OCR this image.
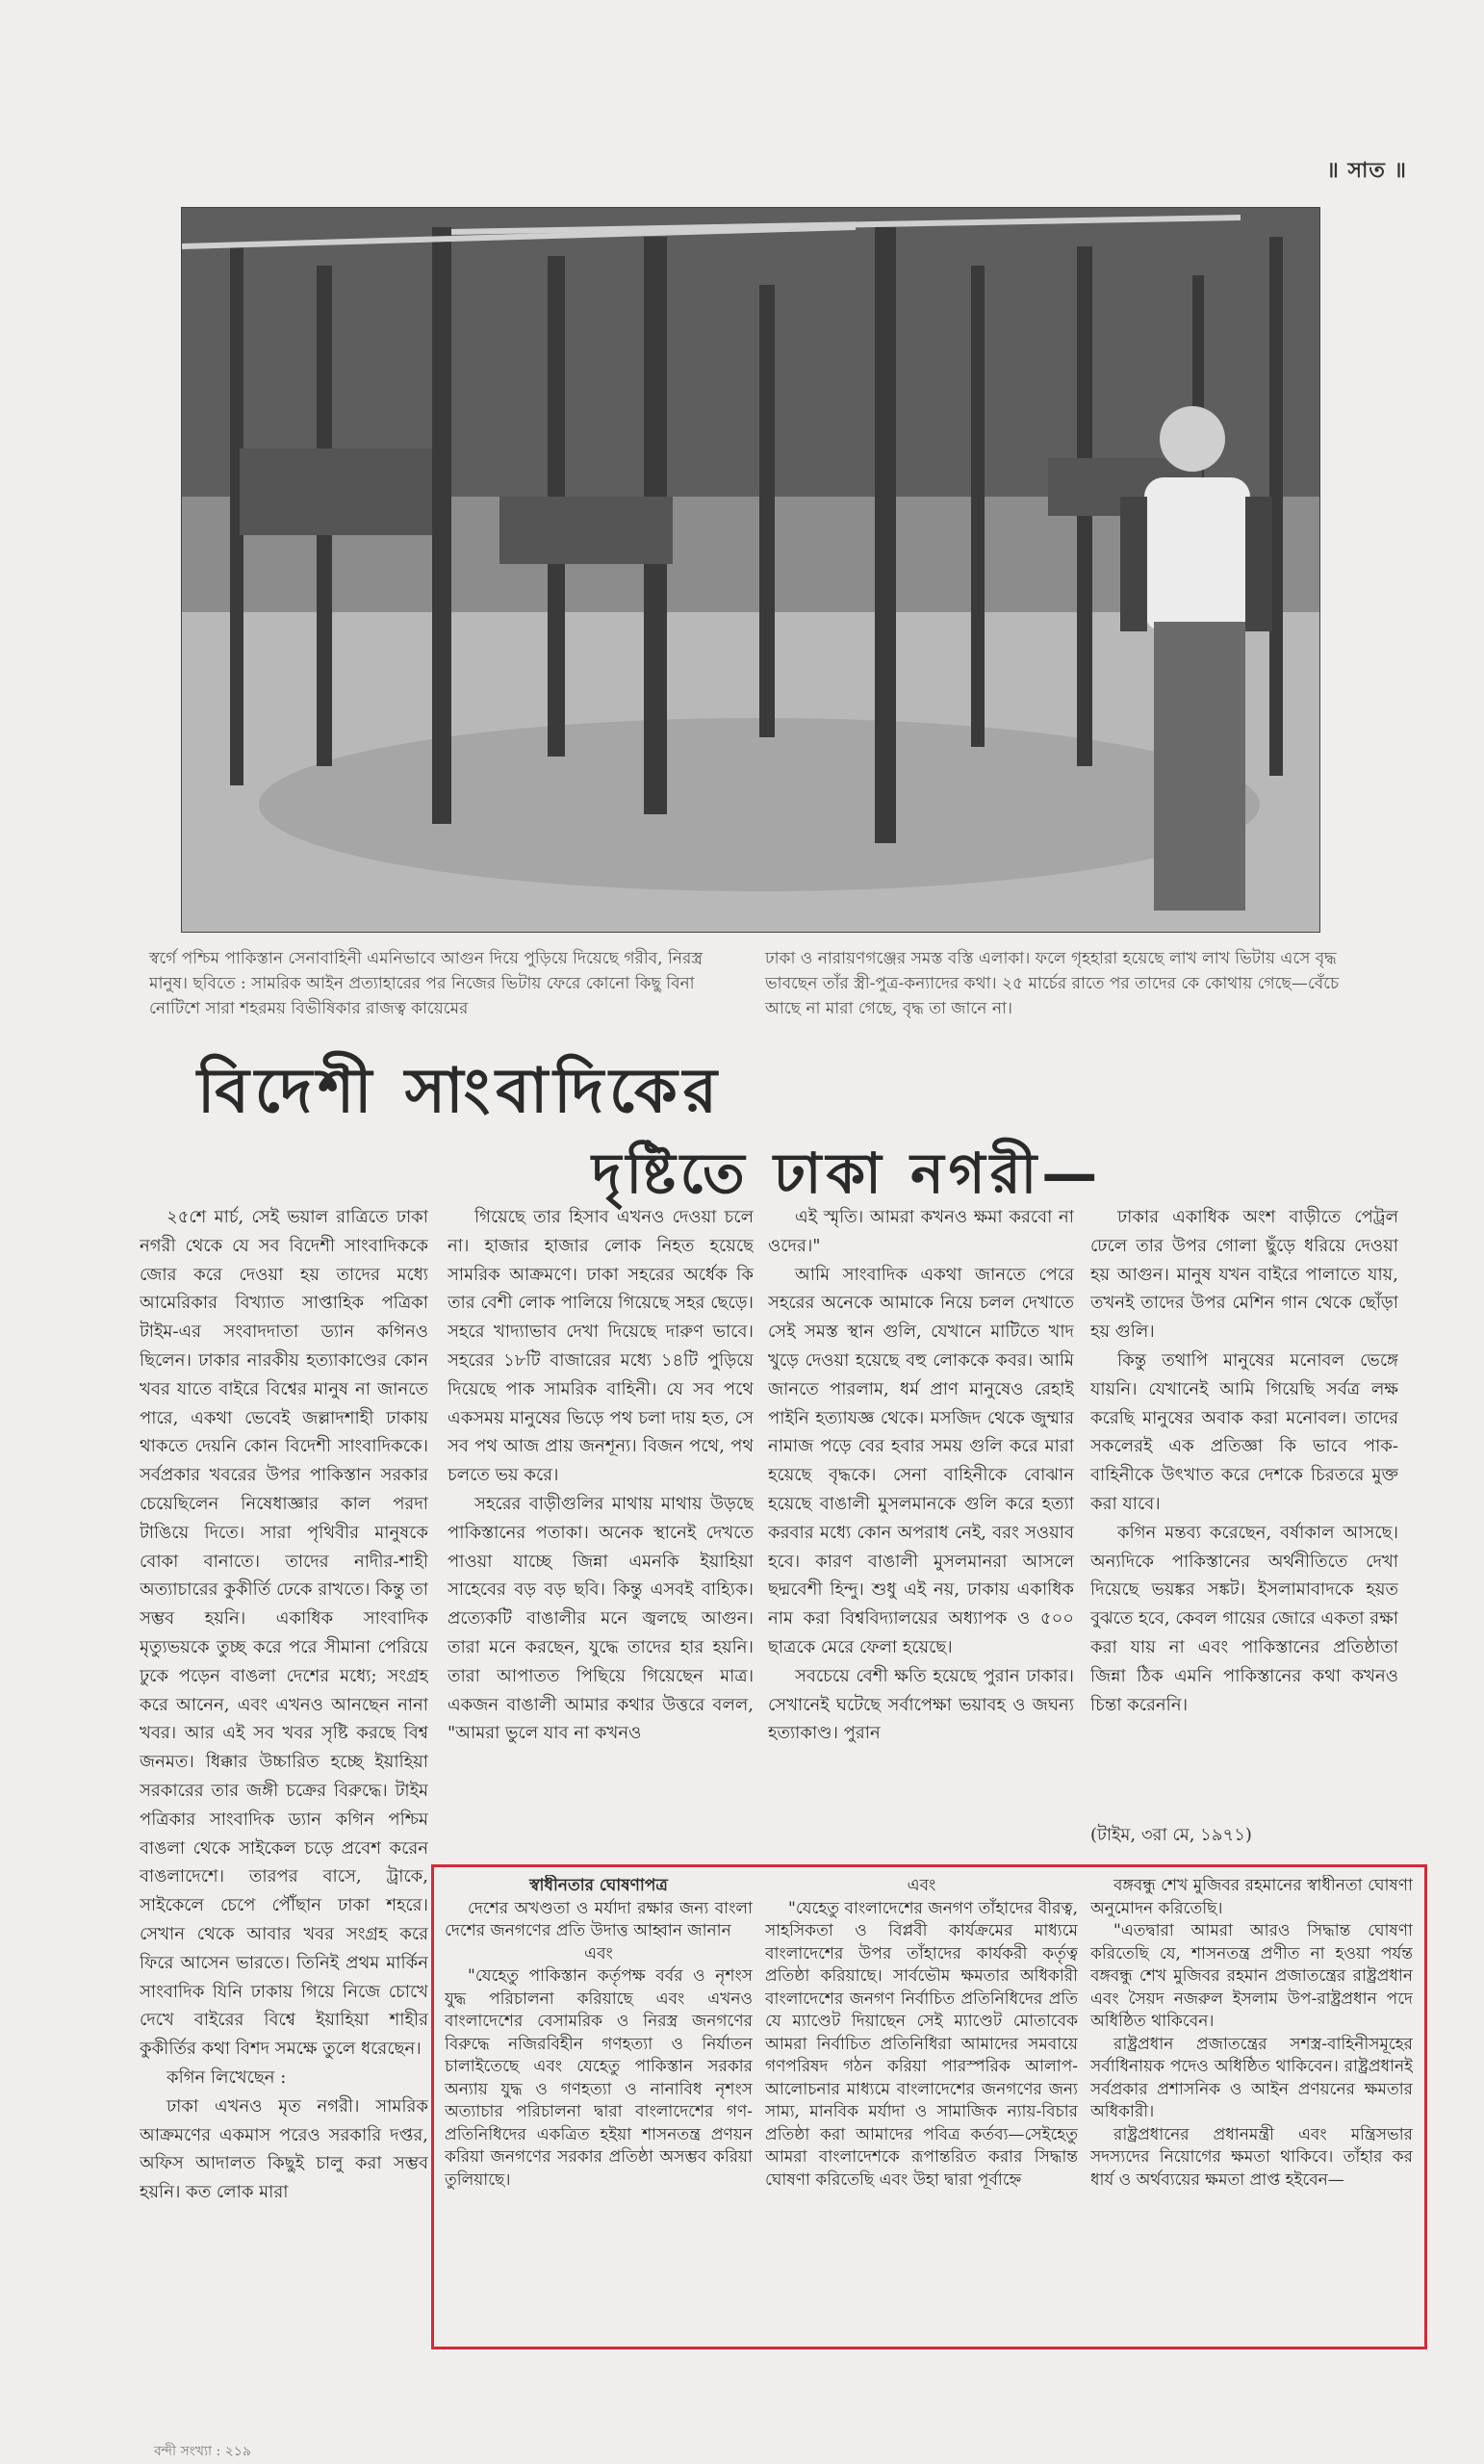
॥ সাত ॥
স্বর্গে পশ্চিম পাকিস্তান সেনাবাহিনী এমনিভাবে আগুন দিয়ে পুড়িয়ে দিয়েছে গরীব, নিরস্ত্র মানুষ। ছবিতে : সামরিক আইন প্রত্যাহারের পর নিজের ভিটায় ফেরে কোনো কিছু বিনা নোটিশে সারা শহরময় বিভীষিকার রাজত্ব কায়েমের
ঢাকা ও নারায়ণগঞ্জের সমস্ত বস্তি এলাকা। ফলে গৃহহারা হয়েছে লাখ লাখ ভিটায় এসে বৃদ্ধ ভাবছেন তাঁর স্ত্রী-পুত্র-কন্যাদের কথা। ২৫ মার্চের রাতে পর তাদের কে কোথায় গেছে—বেঁচে আছে না মারা গেছে, বৃদ্ধ তা জানে না।
বিদেশী সাংবাদিকের
দৃষ্টিতে ঢাকা নগরী—

২৫শে মার্চ, সেই ভয়াল রাত্রিতে ঢাকা নগরী থেকে যে সব বিদেশী সাংবাদিককে জোর করে দেওয়া হয় তাদের মধ্যে আমেরিকার বিখ্যাত সাপ্তাহিক পত্রিকা টাইম-এর সংবাদদাতা ড্যান কগিনও ছিলেন। ঢাকার নারকীয় হত্যাকাণ্ডের কোন খবর যাতে বাইরে বিশ্বের মানুষ না জানতে পারে, একথা ভেবেই জল্লাদশাহী ঢাকায় থাকতে দেয়নি কোন বিদেশী সাংবাদিককে। সর্বপ্রকার খবরের উপর পাকিস্তান সরকার চেয়েছিলেন নিষেধাজ্ঞার কাল পরদা টাঙিয়ে দিতে। সারা পৃথিবীর মানুষকে বোকা বানাতে। তাদের নাদীর-শাহী অত্যাচারের কুকীর্তি ঢেকে রাখতে। কিন্তু তা সম্ভব হয়নি। একাধিক সাংবাদিক মৃত্যুভয়কে তুচ্ছ করে পরে সীমানা পেরিয়ে ঢুকে পড়েন বাঙলা দেশের মধ্যে; সংগ্রহ করে আনেন, এবং এখনও আনছেন নানা খবর। আর এই সব খবর সৃষ্টি করছে বিশ্ব জনমত। ধিক্কার উচ্চারিত হচ্ছে ইয়াহিয়া সরকারের তার জঙ্গী চক্রের বিরুদ্ধে। টাইম পত্রিকার সাংবাদিক ড্যান কগিন পশ্চিম বাঙলা থেকে সাইকেল চড়ে প্রবেশ করেন বাঙলাদেশে। তারপর বাসে, ট্রাকে, সাইকেলে চেপে পৌঁছান ঢাকা শহরে। সেখান থেকে আবার খবর সংগ্রহ করে ফিরে আসেন ভারতে। তিনিই প্রথম মার্কিন সাংবাদিক যিনি ঢাকায় গিয়ে নিজে চোখে দেখে বাইরের বিশ্বে ইয়াহিয়া শাহীর কুকীর্তির কথা বিশদ সমক্ষে তুলে ধরেছেন।

কগিন লিখেছেন :

ঢাকা এখনও মৃত নগরী। সামরিক আক্রমণের একমাস পরেও সরকারি দপ্তর, অফিস আদালত কিছুই চালু করা সম্ভব হয়নি। কত লোক মারা

গিয়েছে তার হিসাব এখনও দেওয়া চলে না। হাজার হাজার লোক নিহত হয়েছে সামরিক আক্রমণে। ঢাকা সহরের অর্ধেক কি তার বেশী লোক পালিয়ে গিয়েছে সহর ছেড়ে। সহরে খাদ্যাভাব দেখা দিয়েছে দারুণ ভাবে। সহরের ১৮টি বাজারের মধ্যে ১৪টি পুড়িয়ে দিয়েছে পাক সামরিক বাহিনী। যে সব পথে একসময় মানুষের ভিড়ে পথ চলা দায় হত, সে সব পথ আজ প্রায় জনশূন্য। বিজন পথে, পথ চলতে ভয় করে।

সহরের বাড়ীগুলির মাথায় মাথায় উড়ছে পাকিস্তানের পতাকা। অনেক স্থানেই দেখতে পাওয়া যাচ্ছে জিন্না এমনকি ইয়াহিয়া সাহেবের বড় বড় ছবি। কিন্তু এসবই বাহ্যিক। প্রত্যেকটি বাঙালীর মনে জ্বলছে আগুন। তারা মনে করছেন, যুদ্ধে তাদের হার হয়নি। তারা আপাতত পিছিয়ে গিয়েছেন মাত্র। একজন বাঙালী আমার কথার উত্তরে বলল, "আমরা ভুলে যাব না কখনও

এই স্মৃতি। আমরা কখনও ক্ষমা করবো না ওদের।"

আমি সাংবাদিক একথা জানতে পেরে সহরের অনেকে আমাকে নিয়ে চলল দেখাতে সেই সমস্ত স্থান গুলি, যেখানে মাটিতে খাদ খুড়ে দেওয়া হয়েছে বহু লোককে কবর। আমি জানতে পারলাম, ধর্ম প্রাণ মানুষেও রেহাই পাইনি হত্যাযজ্ঞ থেকে। মসজিদ থেকে জুম্মার নামাজ পড়ে বের হবার সময় গুলি করে মারা হয়েছে বৃদ্ধকে। সেনা বাহিনীকে বোঝান হয়েছে বাঙালী মুসলমানকে গুলি করে হত্যা করবার মধ্যে কোন অপরাধ নেই, বরং সওয়াব হবে। কারণ বাঙালী মুসলমানরা আসলে ছদ্মবেশী হিন্দু। শুধু এই নয়, ঢাকায় একাধিক নাম করা বিশ্ববিদ্যালয়ের অধ্যাপক ও ৫০০ ছাত্রকে মেরে ফেলা হয়েছে।

সবচেয়ে বেশী ক্ষতি হয়েছে পুরান ঢাকার। সেখানেই ঘটেছে সর্বাপেক্ষা ভয়াবহ ও জঘন্য হত্যাকাণ্ড। পুরান

ঢাকার একাধিক অংশ বাড়ীতে পেট্রল ঢেলে তার উপর গোলা ছুঁড়ে ধরিয়ে দেওয়া হয় আগুন। মানুষ যখন বাইরে পালাতে যায়, তখনই তাদের উপর মেশিন গান থেকে ছোঁড়া হয় গুলি।

কিন্তু তথাপি মানুষের মনোবল ভেঙ্গে যায়নি। যেখানেই আমি গিয়েছি সর্বত্র লক্ষ করেছি মানুষের অবাক করা মনোবল। তাদের সকলেরই এক প্রতিজ্ঞা কি ভাবে পাক-বাহিনীকে উৎখাত করে দেশকে চিরতরে মুক্ত করা যাবে।

কগিন মন্তব্য করেছেন, বর্ষাকাল আসছে। অন্যদিকে পাকিস্তানের অর্থনীতিতে দেখা দিয়েছে ভয়ঙ্কর সঙ্কট। ইসলামাবাদকে হয়ত বুঝতে হবে, কেবল গায়ের জোরে একতা রক্ষা করা যায় না এবং পাকিস্তানের প্রতিষ্ঠাতা জিন্না ঠিক এমনি পাকিস্তানের কথা কখনও চিন্তা করেননি।

(টাইম, ৩রা মে, ১৯৭১)

স্বাধীনতার ঘোষণাপত্র

দেশের অখণ্ডতা ও মর্যাদা রক্ষার জন্য বাংলা দেশের জনগণের প্রতি উদাত্ত আহ্বান জানান

এবং

"যেহেতু পাকিস্তান কর্তৃপক্ষ বর্বর ও নৃশংস যুদ্ধ পরিচালনা করিয়াছে এবং এখনও বাংলাদেশের বেসামরিক ও নিরস্ত্র জনগণের বিরুদ্ধে নজিরবিহীন গণহত্যা ও নির্যাতন চালাইতেছে এবং যেহেতু পাকিস্তান সরকার অন্যায় যুদ্ধ ও গণহত্যা ও নানাবিধ নৃশংস অত্যাচার পরিচালনা দ্বারা বাংলাদেশের গণ-প্রতিনিধিদের একত্রিত হইয়া শাসনতন্ত্র প্রণয়ন করিয়া জনগণের সরকার প্রতিষ্ঠা অসম্ভব করিয়া তুলিয়াছে।

এবং

"যেহেতু বাংলাদেশের জনগণ তাঁহাদের বীরত্ব, সাহসিকতা ও বিপ্লবী কার্যক্রমের মাধ্যমে বাংলাদেশের উপর তাঁহাদের কার্যকরী কর্তৃত্ব প্রতিষ্ঠা করিয়াছে। সার্বভৌম ক্ষমতার অধিকারী বাংলাদেশের জনগণ নির্বাচিত প্রতিনিধিদের প্রতি যে ম্যাণ্ডেট দিয়াছেন সেই ম্যাণ্ডেট মোতাবেক আমরা নির্বাচিত প্রতিনিধিরা আমাদের সমবায়ে গণপরিষদ গঠন করিয়া পারস্পরিক আলাপ-আলোচনার মাধ্যমে বাংলাদেশের জনগণের জন্য সাম্য, মানবিক মর্যাদা ও সামাজিক ন্যায়-বিচার প্রতিষ্ঠা করা আমাদের পবিত্র কর্তব্য—সেইহেতু আমরা বাংলাদেশকে রূপান্তরিত করার সিদ্ধান্ত ঘোষণা করিতেছি এবং উহা দ্বারা পূর্বাহ্নে

বঙ্গবন্ধু শেখ মুজিবর রহমানের স্বাধীনতা ঘোষণা অনুমোদন করিতেছি।

"এতদ্বারা আমরা আরও সিদ্ধান্ত ঘোষণা করিতেছি যে, শাসনতন্ত্র প্রণীত না হওয়া পর্যন্ত বঙ্গবন্ধু শেখ মুজিবর রহমান প্রজাতন্ত্রের রাষ্ট্রপ্রধান এবং সৈয়দ নজরুল ইসলাম উপ-রাষ্ট্রপ্রধান পদে অধিষ্ঠিত থাকিবেন।

রাষ্ট্রপ্রধান প্রজাতন্ত্রের সশস্ত্র-বাহিনীসমূহের সর্বাধিনায়ক পদেও অধিষ্ঠিত থাকিবেন। রাষ্ট্রপ্রধানই সর্বপ্রকার প্রশাসনিক ও আইন প্রণয়নের ক্ষমতার অধিকারী।

রাষ্ট্রপ্রধানের প্রধানমন্ত্রী এবং মন্ত্রিসভার সদস্যদের নিয়োগের ক্ষমতা থাকিবে। তাঁহার কর ধার্য ও অর্থব্যয়ের ক্ষমতা প্রাপ্ত হইবেন—

বন্দী সংখ্যা : ২১৯
